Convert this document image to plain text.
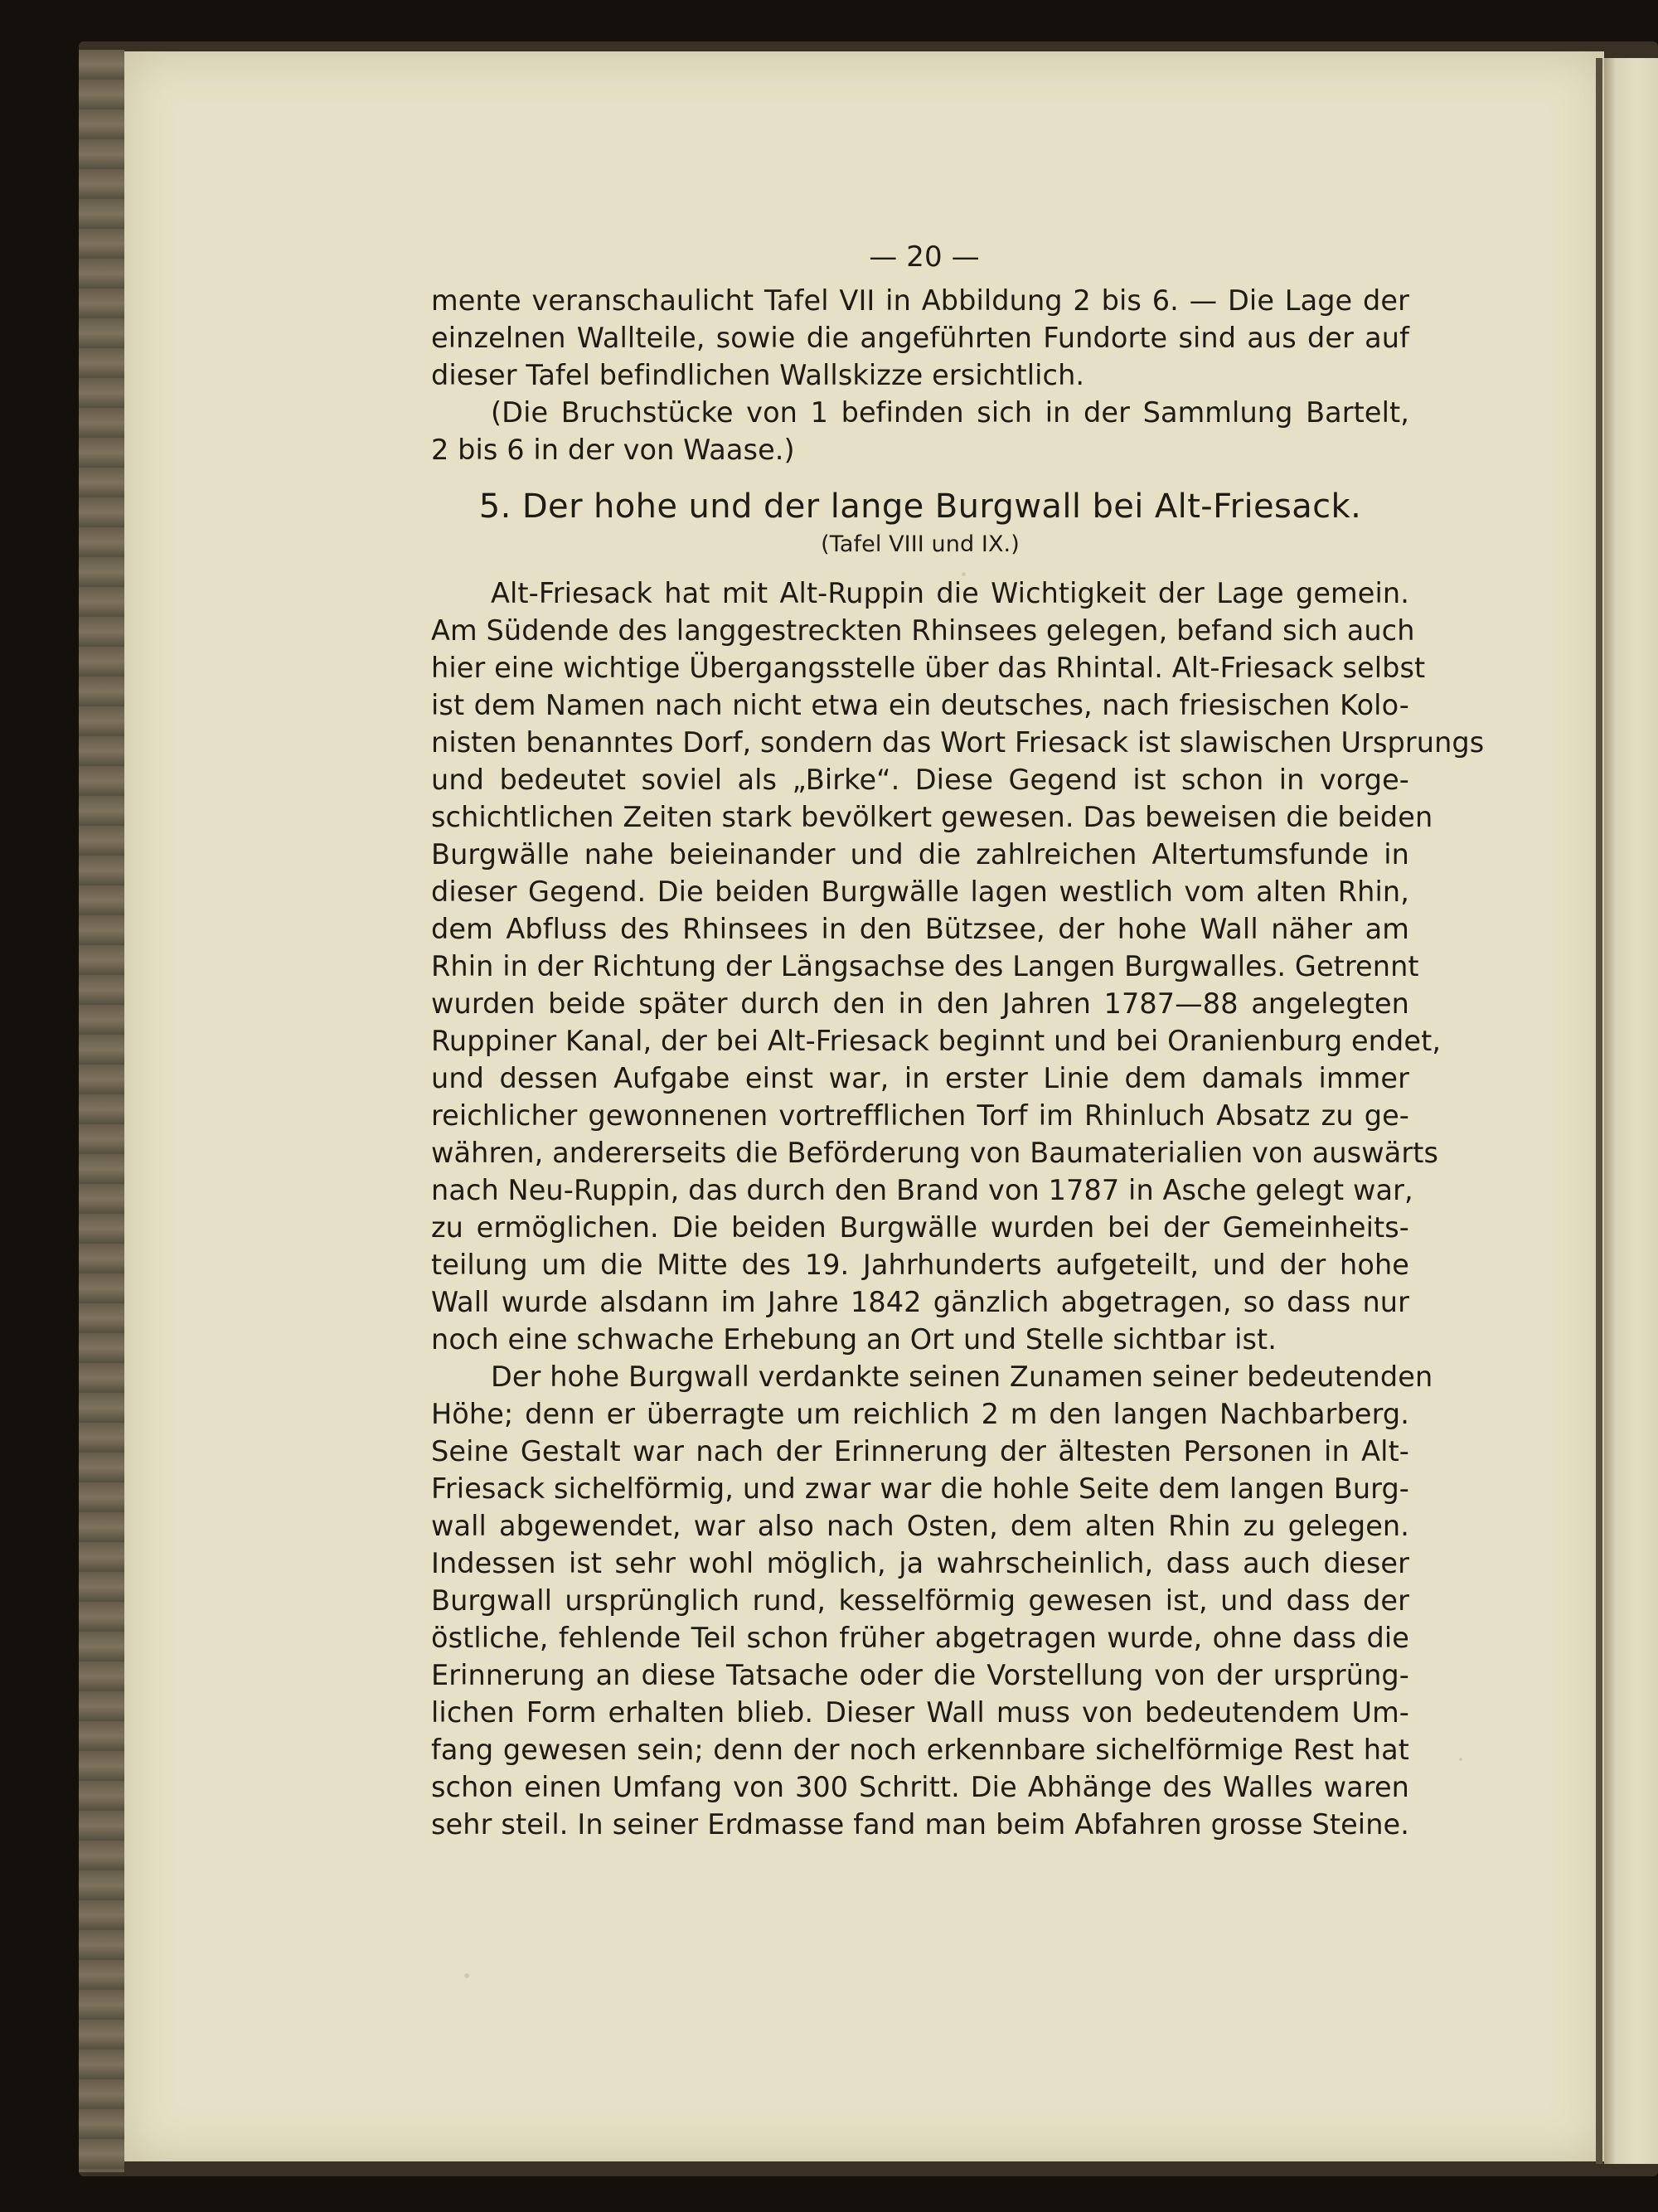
— 20 —
mente veranschaulicht Tafel VII in Abbildung 2 bis 6. — Die Lage der
einzelnen Wallteile, sowie die angeführten Fundorte sind aus der auf
dieser Tafel befindlichen Wallskizze ersichtlich.
(Die Bruchstücke von 1 befinden sich in der Sammlung Bartelt,
2 bis 6 in der von Waase.)
5. Der hohe und der lange Burgwall bei Alt-Friesack.
(Tafel VIII und IX.)
Alt-Friesack hat mit Alt-Ruppin die Wichtigkeit der Lage gemein.
Am Südende des langgestreckten Rhinsees gelegen, befand sich auch
hier eine wichtige Übergangsstelle über das Rhintal. Alt-Friesack selbst
ist dem Namen nach nicht etwa ein deutsches, nach friesischen Kolo-
nisten benanntes Dorf, sondern das Wort Friesack ist slawischen Ursprungs
und bedeutet soviel als „Birke“. Diese Gegend ist schon in vorge-
schichtlichen Zeiten stark bevölkert gewesen. Das beweisen die beiden
Burgwälle nahe beieinander und die zahlreichen Altertumsfunde in
dieser Gegend. Die beiden Burgwälle lagen westlich vom alten Rhin,
dem Abfluss des Rhinsees in den Bützsee, der hohe Wall näher am
Rhin in der Richtung der Längsachse des Langen Burgwalles. Getrennt
wurden beide später durch den in den Jahren 1787—88 angelegten
Ruppiner Kanal, der bei Alt-Friesack beginnt und bei Oranienburg endet,
und dessen Aufgabe einst war, in erster Linie dem damals immer
reichlicher gewonnenen vortrefflichen Torf im Rhinluch Absatz zu ge-
währen, andererseits die Beförderung von Baumaterialien von auswärts
nach Neu-Ruppin, das durch den Brand von 1787 in Asche gelegt war,
zu ermöglichen. Die beiden Burgwälle wurden bei der Gemeinheits-
teilung um die Mitte des 19. Jahrhunderts aufgeteilt, und der hohe
Wall wurde alsdann im Jahre 1842 gänzlich abgetragen, so dass nur
noch eine schwache Erhebung an Ort und Stelle sichtbar ist.
Der hohe Burgwall verdankte seinen Zunamen seiner bedeutenden
Höhe; denn er überragte um reichlich 2 m den langen Nachbarberg.
Seine Gestalt war nach der Erinnerung der ältesten Personen in Alt-
Friesack sichelförmig, und zwar war die hohle Seite dem langen Burg-
wall abgewendet, war also nach Osten, dem alten Rhin zu gelegen.
Indessen ist sehr wohl möglich, ja wahrscheinlich, dass auch dieser
Burgwall ursprünglich rund, kesselförmig gewesen ist, und dass der
östliche, fehlende Teil schon früher abgetragen wurde, ohne dass die
Erinnerung an diese Tatsache oder die Vorstellung von der ursprüng-
lichen Form erhalten blieb. Dieser Wall muss von bedeutendem Um-
fang gewesen sein; denn der noch erkennbare sichelförmige Rest hat
schon einen Umfang von 300 Schritt. Die Abhänge des Walles waren
sehr steil. In seiner Erdmasse fand man beim Abfahren grosse Steine.
